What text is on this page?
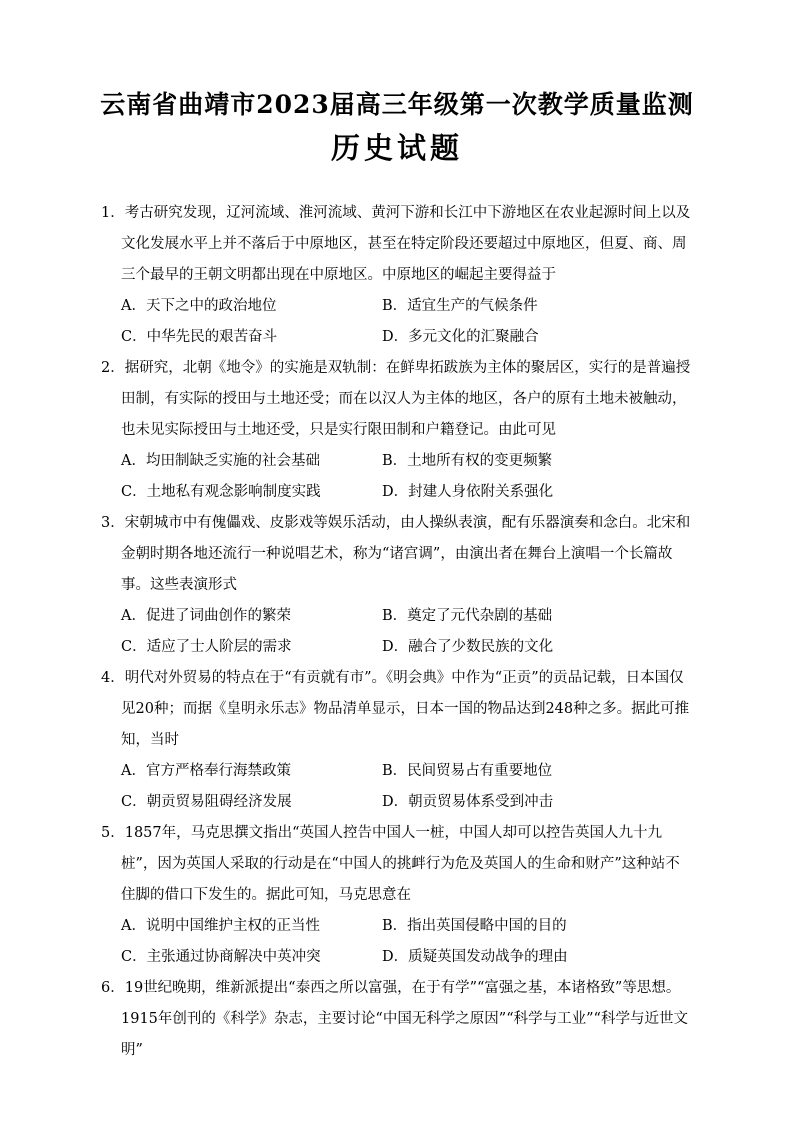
云南省曲靖市2023届高三年级第一次教学质量监测
历史试题
1．考古研究发现，辽河流域、淮河流域、黄河下游和长江中下游地区在农业起源时间上以及文化发展水平上并不落后于中原地区，甚至在特定阶段还要超过中原地区，但夏、商、周三个最早的王朝文明都出现在中原地区。中原地区的崛起主要得益于
A．天下之中的政治地位	B．适宜生产的气候条件
C．中华先民的艰苦奋斗	D．多元文化的汇聚融合
2．据研究，北朝《地令》的实施是双轨制：在鲜卑拓跋族为主体的聚居区，实行的是普遍授田制，有实际的授田与土地还受；而在以汉人为主体的地区，各户的原有土地未被触动，也未见实际授田与土地还受，只是实行限田制和户籍登记。由此可见
A．均田制缺乏实施的社会基础	B．土地所有权的变更频繁
C．土地私有观念影响制度实践	D．封建人身依附关系强化
3．宋朝城市中有傀儡戏、皮影戏等娱乐活动，由人操纵表演，配有乐器演奏和念白。北宋和金朝时期各地还流行一种说唱艺术，称为“诸宫调”，由演出者在舞台上演唱一个长篇故事。这些表演形式
A．促进了词曲创作的繁荣	B．奠定了元代杂剧的基础
C．适应了士人阶层的需求	D．融合了少数民族的文化
4．明代对外贸易的特点在于“有贡就有市”。《明会典》中作为“正贡”的贡品记载，日本国仅见20种；而据《皇明永乐志》物品清单显示，日本一国的物品达到248种之多。据此可推知，当时
A．官方严格奉行海禁政策	B．民间贸易占有重要地位
C．朝贡贸易阻碍经济发展	D．朝贡贸易体系受到冲击
5．1857年，马克思撰文指出“英国人控告中国人一桩，中国人却可以控告英国人九十九桩”，因为英国人采取的行动是在“中国人的挑衅行为危及英国人的生命和财产”这种站不住脚的借口下发生的。据此可知，马克思意在
A．说明中国维护主权的正当性	B．指出英国侵略中国的目的
C．主张通过协商解决中英冲突	D．质疑英国发动战争的理由
6．19世纪晚期，维新派提出“泰西之所以富强，在于有学”“富强之基，本诸格致”等思想。1915年创刊的《科学》杂志，主要讨论“中国无科学之原因”“科学与工业”“科学与近世文明”
